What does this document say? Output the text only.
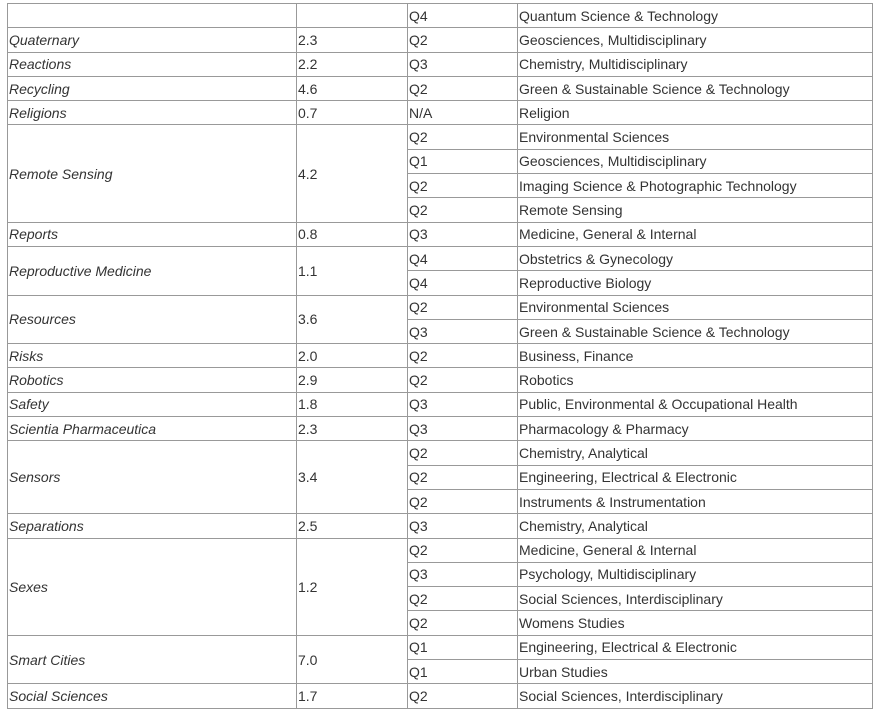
		Q4	Quantum Science & Technology
Quaternary	2.3	Q2	Geosciences, Multidisciplinary
Reactions	2.2	Q3	Chemistry, Multidisciplinary
Recycling	4.6	Q2	Green & Sustainable Science & Technology
Religions	0.7	N/A	Religion
Remote Sensing	4.2	Q2	Environmental Sciences
		Q1	Geosciences, Multidisciplinary
		Q2	Imaging Science & Photographic Technology
		Q2	Remote Sensing
Reports	0.8	Q3	Medicine, General & Internal
Reproductive Medicine	1.1	Q4	Obstetrics & Gynecology
		Q4	Reproductive Biology
Resources	3.6	Q2	Environmental Sciences
		Q3	Green & Sustainable Science & Technology
Risks	2.0	Q2	Business, Finance
Robotics	2.9	Q2	Robotics
Safety	1.8	Q3	Public, Environmental & Occupational Health
Scientia Pharmaceutica	2.3	Q3	Pharmacology & Pharmacy
Sensors	3.4	Q2	Chemistry, Analytical
		Q2	Engineering, Electrical & Electronic
		Q2	Instruments & Instrumentation
Separations	2.5	Q3	Chemistry, Analytical
Sexes	1.2	Q2	Medicine, General & Internal
		Q3	Psychology, Multidisciplinary
		Q2	Social Sciences, Interdisciplinary
		Q2	Womens Studies
Smart Cities	7.0	Q1	Engineering, Electrical & Electronic
		Q1	Urban Studies
Social Sciences	1.7	Q2	Social Sciences, Interdisciplinary
